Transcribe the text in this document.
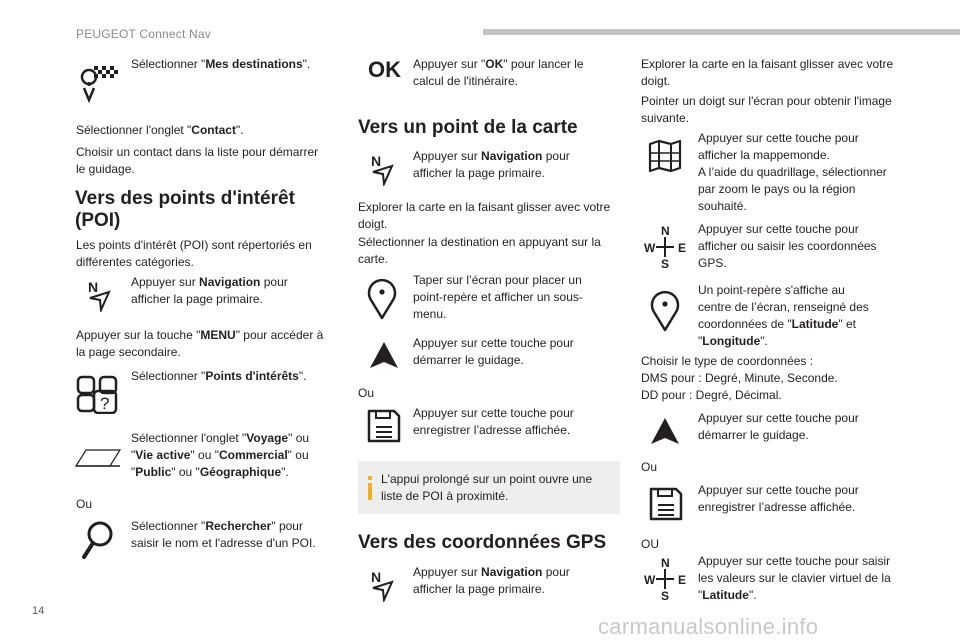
PEUGEOT Connect Nav
Sélectionner "Mes destinations".
Sélectionner l'onglet "Contact".
Choisir un contact dans la liste pour démarrer
le guidage.
Vers des points d'intérêt
(POI)
Les points d'intérêt (POI) sont répertoriés en
différentes catégories.
N	Appuyer sur Navigation pour
afficher la page primaire.
Appuyer sur la touche "MENU" pour accéder à
la page secondaire.
?
Sélectionner "Points d'intérêts".
Sélectionner l'onglet "Voyage" ou
"Vie active" ou "Commercial" ou
"Public" ou "Géographique".
Ou
Sélectionner "Rechercher" pour
saisir le nom et l'adresse d'un POI.
OK Appuyer sur "OK" pour lancer le
calcul de l'itinéraire.
Vers un point de la carte
N	Appuyer sur Navigation pour
afficher la page primaire.
Explorer la carte en la faisant glisser avec votre
doigt.
Sélectionner la destination en appuyant sur la
carte.
Taper sur l’écran pour placer un
point-repère et afficher un sous-
menu.
Appuyer sur cette touche pour
démarrer le guidage.
Ou
Appuyer sur cette touche pour
enregistrer l’adresse affichée.
L'appui prolongé sur un point ouvre une
liste de POI à proximité.
Vers des coordonnées GPS
N	Appuyer sur Navigation pour
afficher la page primaire.
Explorer la carte en la faisant glisser avec votre
doigt.
Pointer un doigt sur l'écran pour obtenir l'image
suivante.
Appuyer sur cette touche pour
afficher la mappemonde.
A l’aide du quadrillage, sélectionner
par zoom le pays ou la région
souhaité.
N
S
W E
Appuyer sur cette touche pour
afficher ou saisir les coordonnées
GPS.
Un point-repère s'affiche au
centre de l’écran, renseigné des
coordonnées de "Latitude" et
"Longitude".
Choisir le type de coordonnées :
DMS pour : Degré, Minute, Seconde.
DD pour : Degré, Décimal.
Appuyer sur cette touche pour
démarrer le guidage.
Ou
Appuyer sur cette touche pour
enregistrer l’adresse affichée.
OU
N
S
W E
Appuyer sur cette touche pour saisir
les valeurs sur le clavier virtuel de la
"Latitude".
14
carmanualsonline.info
